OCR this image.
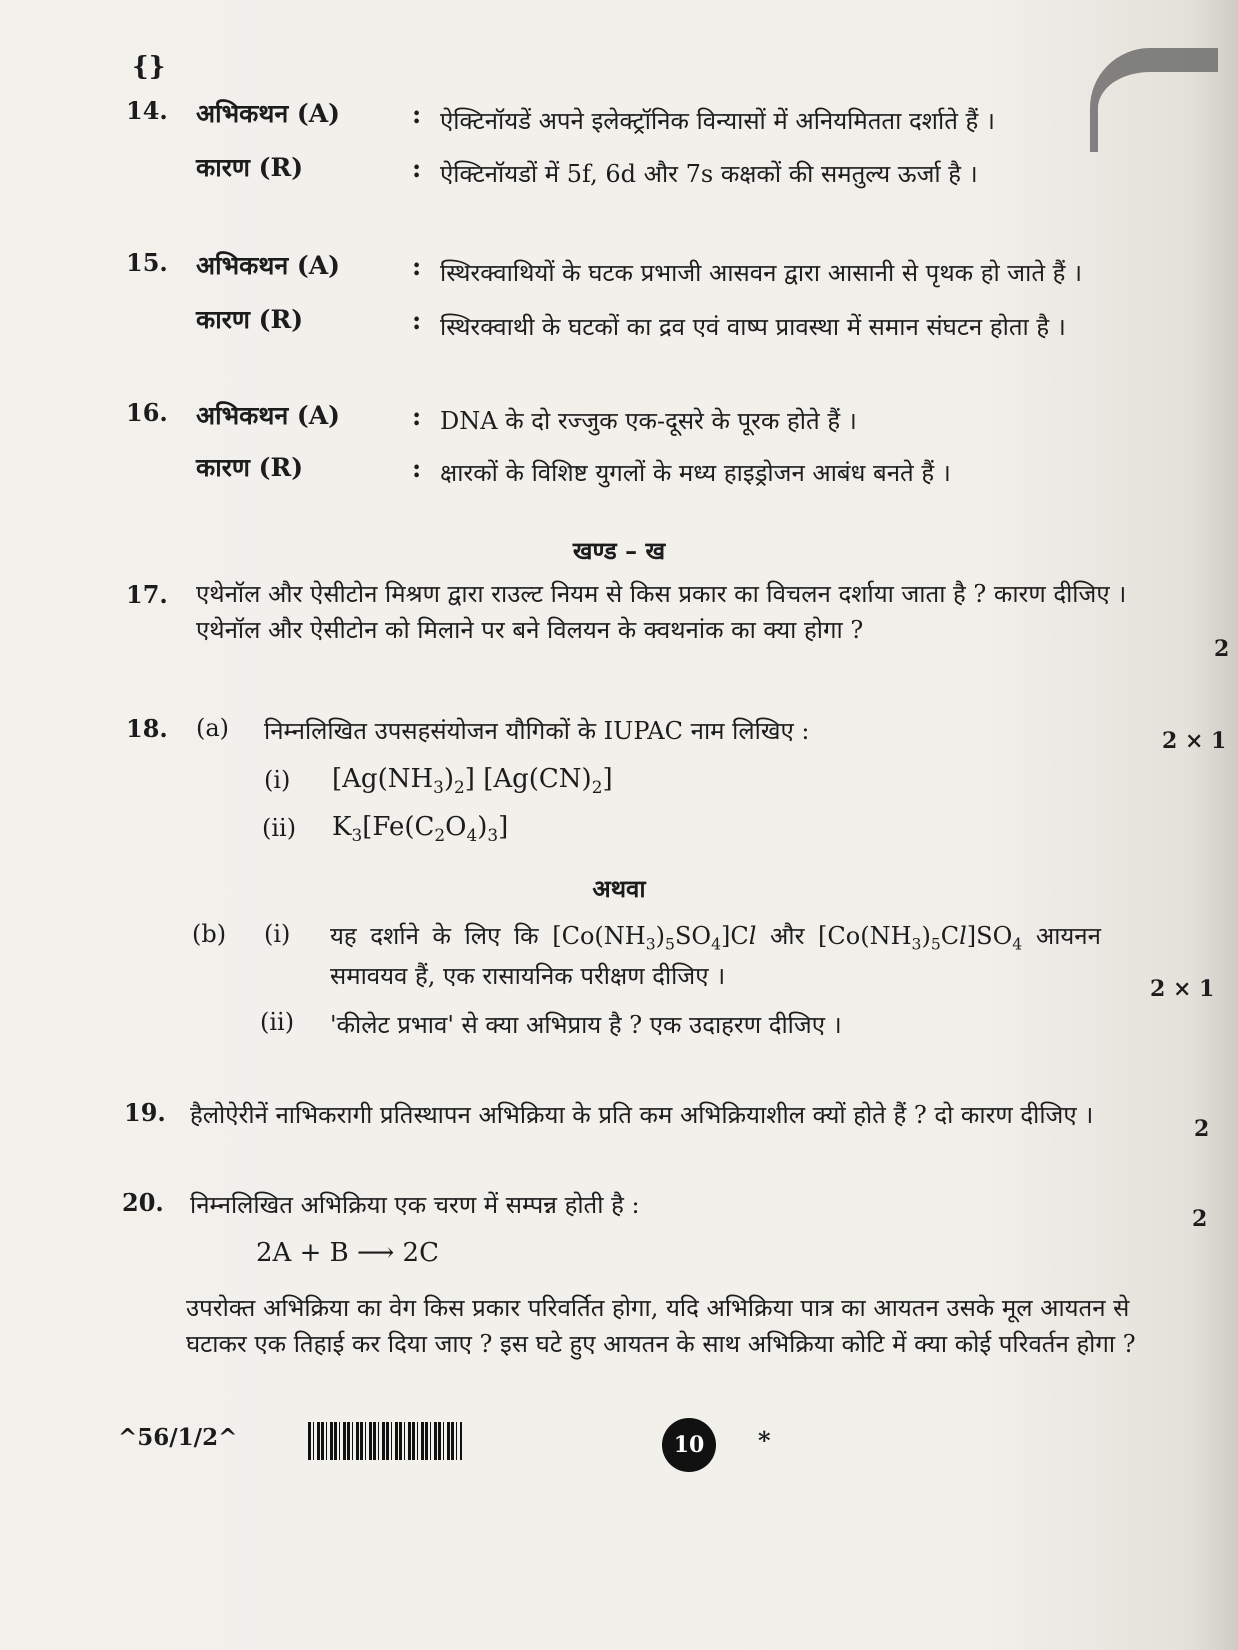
{}
14. अभिकथन (A)	: ऐक्टिनॉयडें अपने इलेक्ट्रॉनिक विन्यासों में अनियमितता दर्शाते हैं ।
कारण (R)	: ऐक्टिनॉयडों में 5f, 6d और 7s कक्षकों की समतुल्य ऊर्जा है ।
15. अभिकथन (A)	: स्थिरक्वाथियों के घटक प्रभाजी आसवन द्वारा आसानी से पृथक हो जाते हैं ।
कारण (R)	: स्थिरक्वाथी के घटकों का द्रव एवं वाष्प प्रावस्था में समान संघटन होता है ।
16. अभिकथन (A)	: DNA के दो रज्जुक एक-दूसरे के पूरक होते हैं ।
कारण (R)	: क्षारकों के विशिष्ट युगलों के मध्य हाइड्रोजन आबंध बनते हैं ।
खण्ड – ख
17. एथेनॉल और ऐसीटोन मिश्रण द्वारा राउल्ट नियम से किस प्रकार का विचलन दर्शाया जाता है ? कारण दीजिए । एथेनॉल और ऐसीटोन को मिलाने पर बने विलयन के क्वथनांक का क्या होगा ?
2
18. (a) निम्नलिखित उपसहसंयोजन यौगिकों के IUPAC नाम लिखिए :	2 × 1
(i) $[Ag(NH_3)_2]$ $[Ag(CN)_2]$
(ii) $K_3[Fe(C_2O_4)_3]$
अथवा
(b) (i) यह दर्शाने के लिए कि $[Co(NH_3)_5SO_4]Cl$ और $[Co(NH_3)_5Cl]SO_4$ आयनन
समावयव हैं, एक रासायनिक परीक्षण दीजिए ।	2 × 1
(ii) 'कीलेट प्रभाव' से क्या अभिप्राय है ? एक उदाहरण दीजिए ।
19. हैलोऐरीनें नाभिकरागी प्रतिस्थापन अभिक्रिया के प्रति कम अभिक्रियाशील क्यों होते हैं ? दो कारण दीजिए ।	2
20. निम्नलिखित अभिक्रिया एक चरण में सम्पन्न होती है :	2
2A + B ⟶ 2C
उपरोक्त अभिक्रिया का वेग किस प्रकार परिवर्तित होगा, यदि अभिक्रिया पात्र का आयतन उसके मूल आयतन से घटाकर एक तिहाई कर दिया जाए ? इस घटे हुए आयतन के साथ अभिक्रिया कोटि में क्या कोई परिवर्तन होगा ?
^56/1/2^	10	*
